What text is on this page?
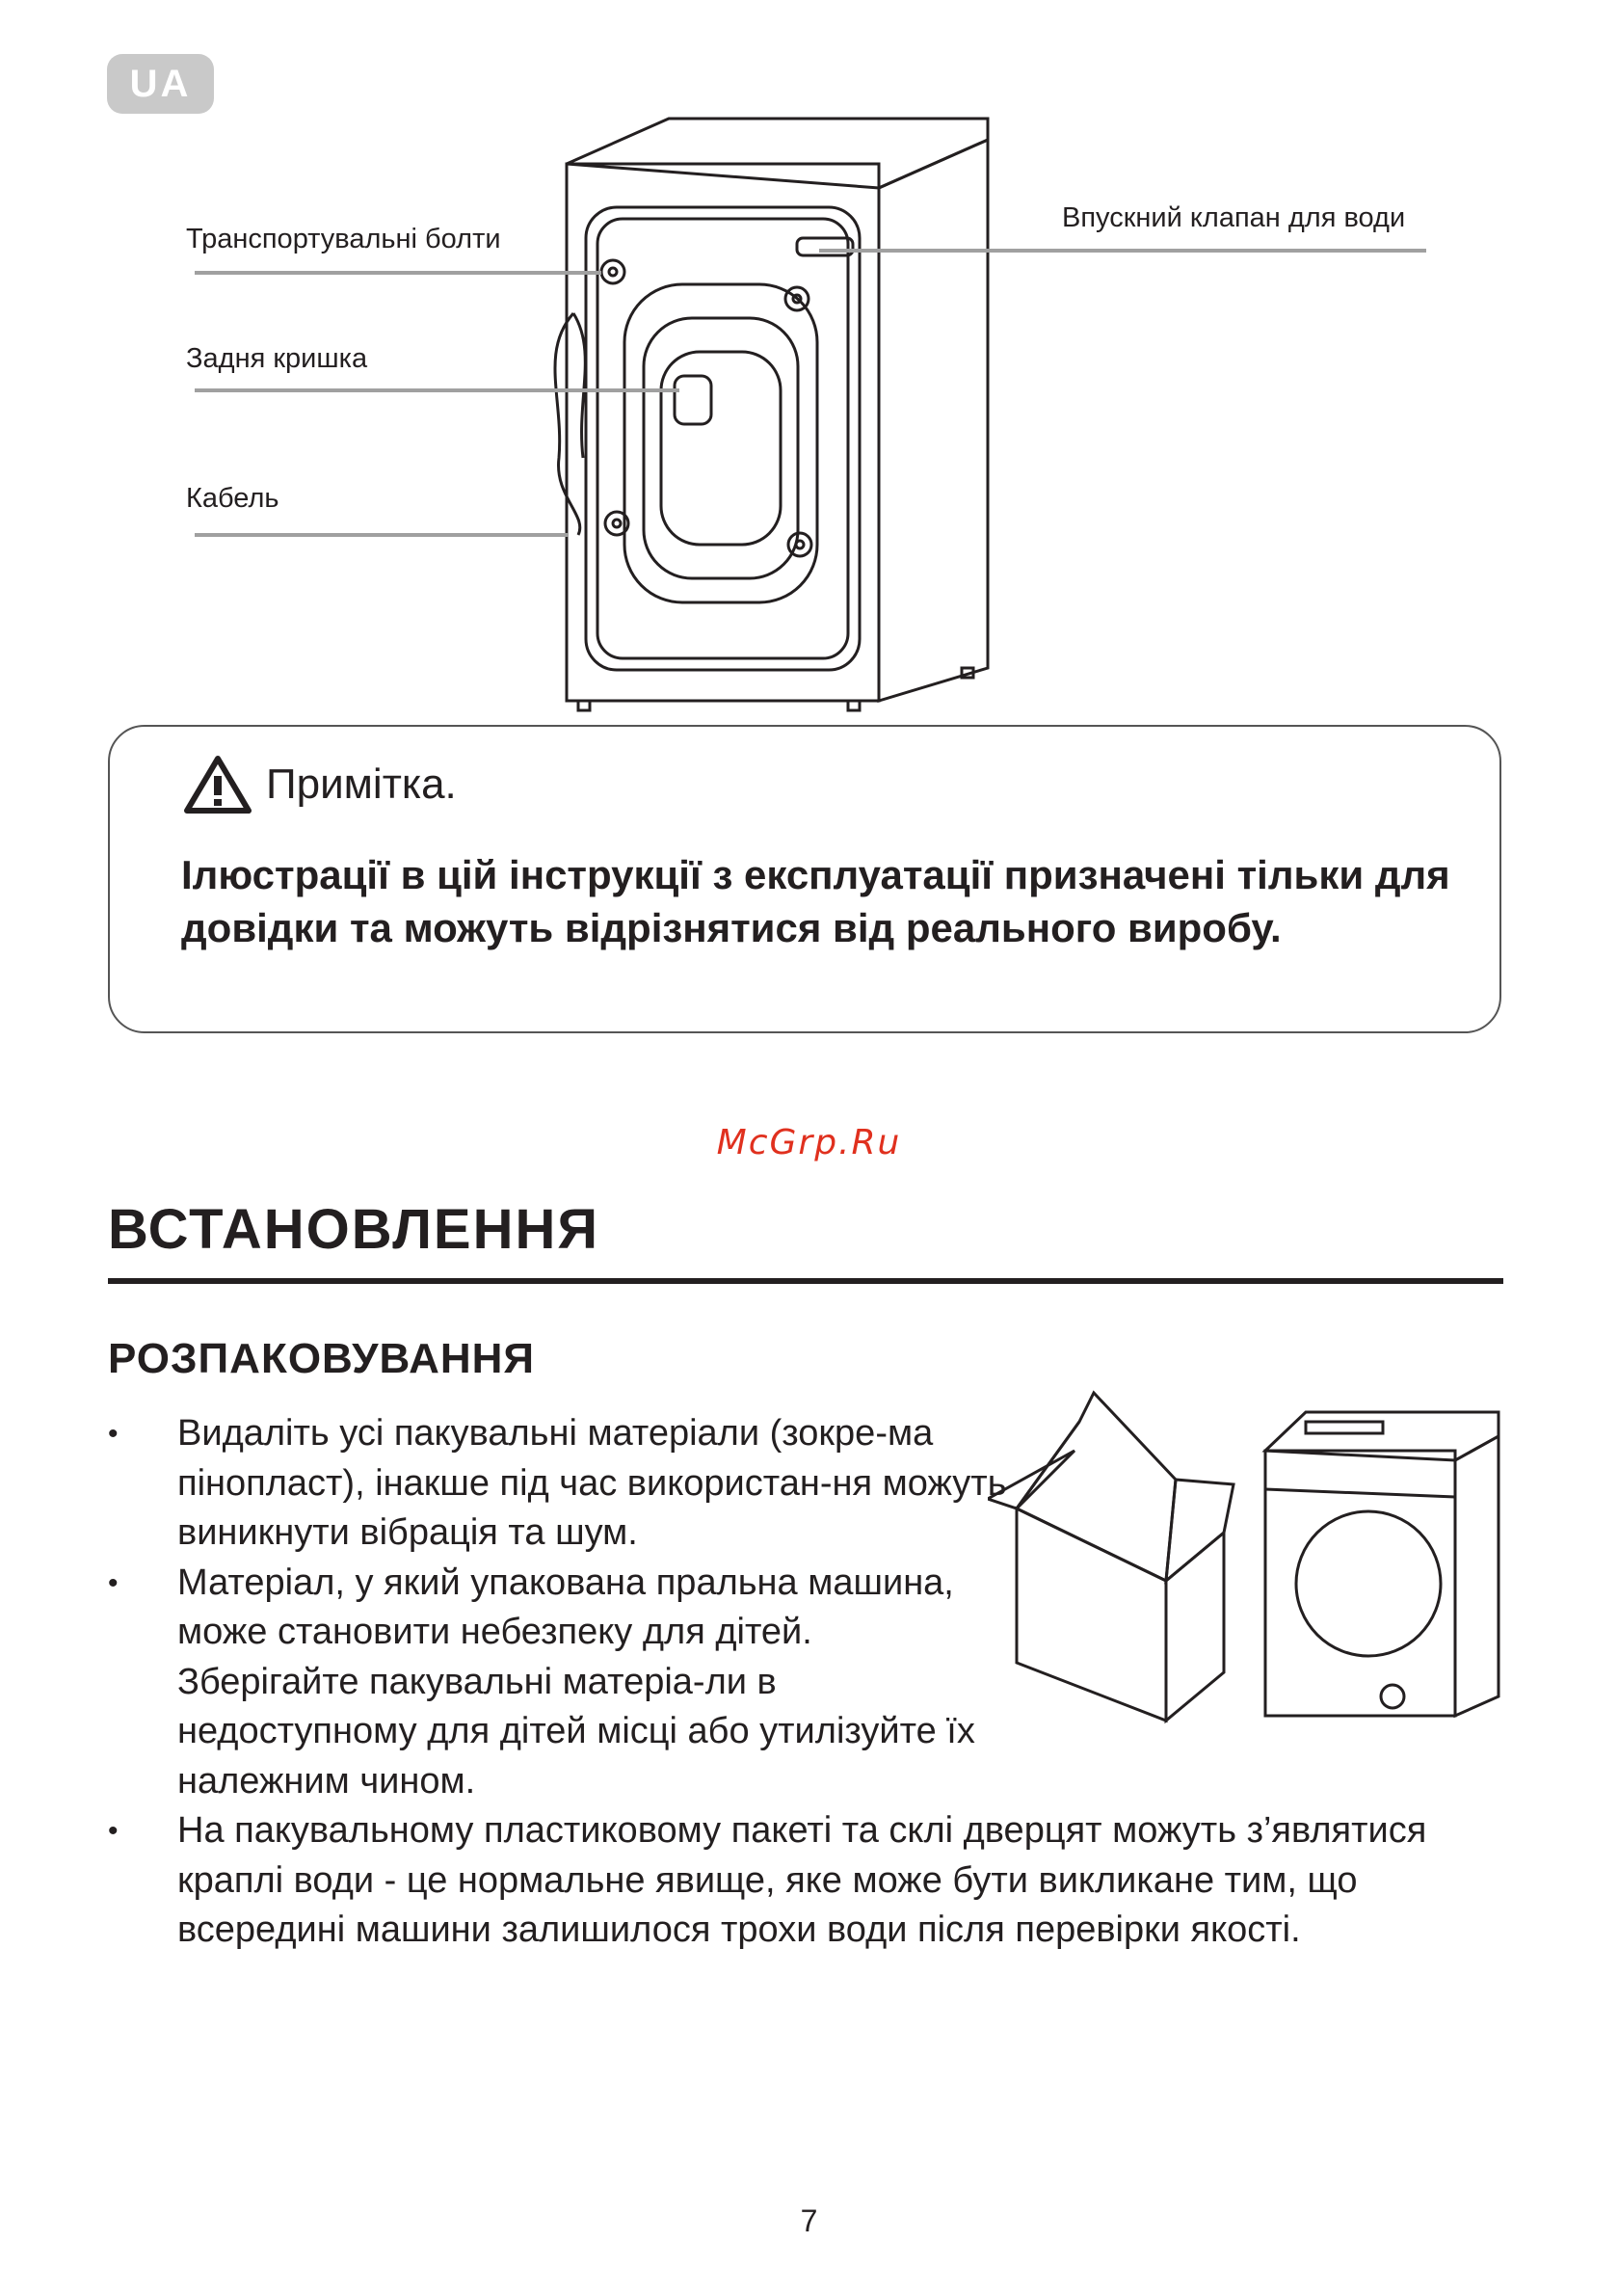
UA
Транспортувальні болти
Задня кришка
Кабель
Впускний клапан для води
Примітка.
Ілюстрації в цій інструкції з експлуатації призначені тільки для довідки та можуть відрізнятися від реального виробу.
McGrp.Ru
ВСТАНОВЛЕННЯ
РОЗПАКОВУВАННЯ
• Видаліть усі пакувальні матеріали (зокре-ма пінопласт), інакше під час використан-ня можуть виникнути вібрація та шум.
• Матеріал, у який упакована пральна машина, може становити небезпеку для дітей. Зберігайте пакувальні матеріа-ли в недоступному для дітей місці або утилізуйте їх належним чином.
• На пакувальному пластиковому пакеті та склі дверцят можуть з’являтися краплі води - це нормальне явище, яке може бути викликане тим, що всередині машини залишилося трохи води після перевірки якості.
7
